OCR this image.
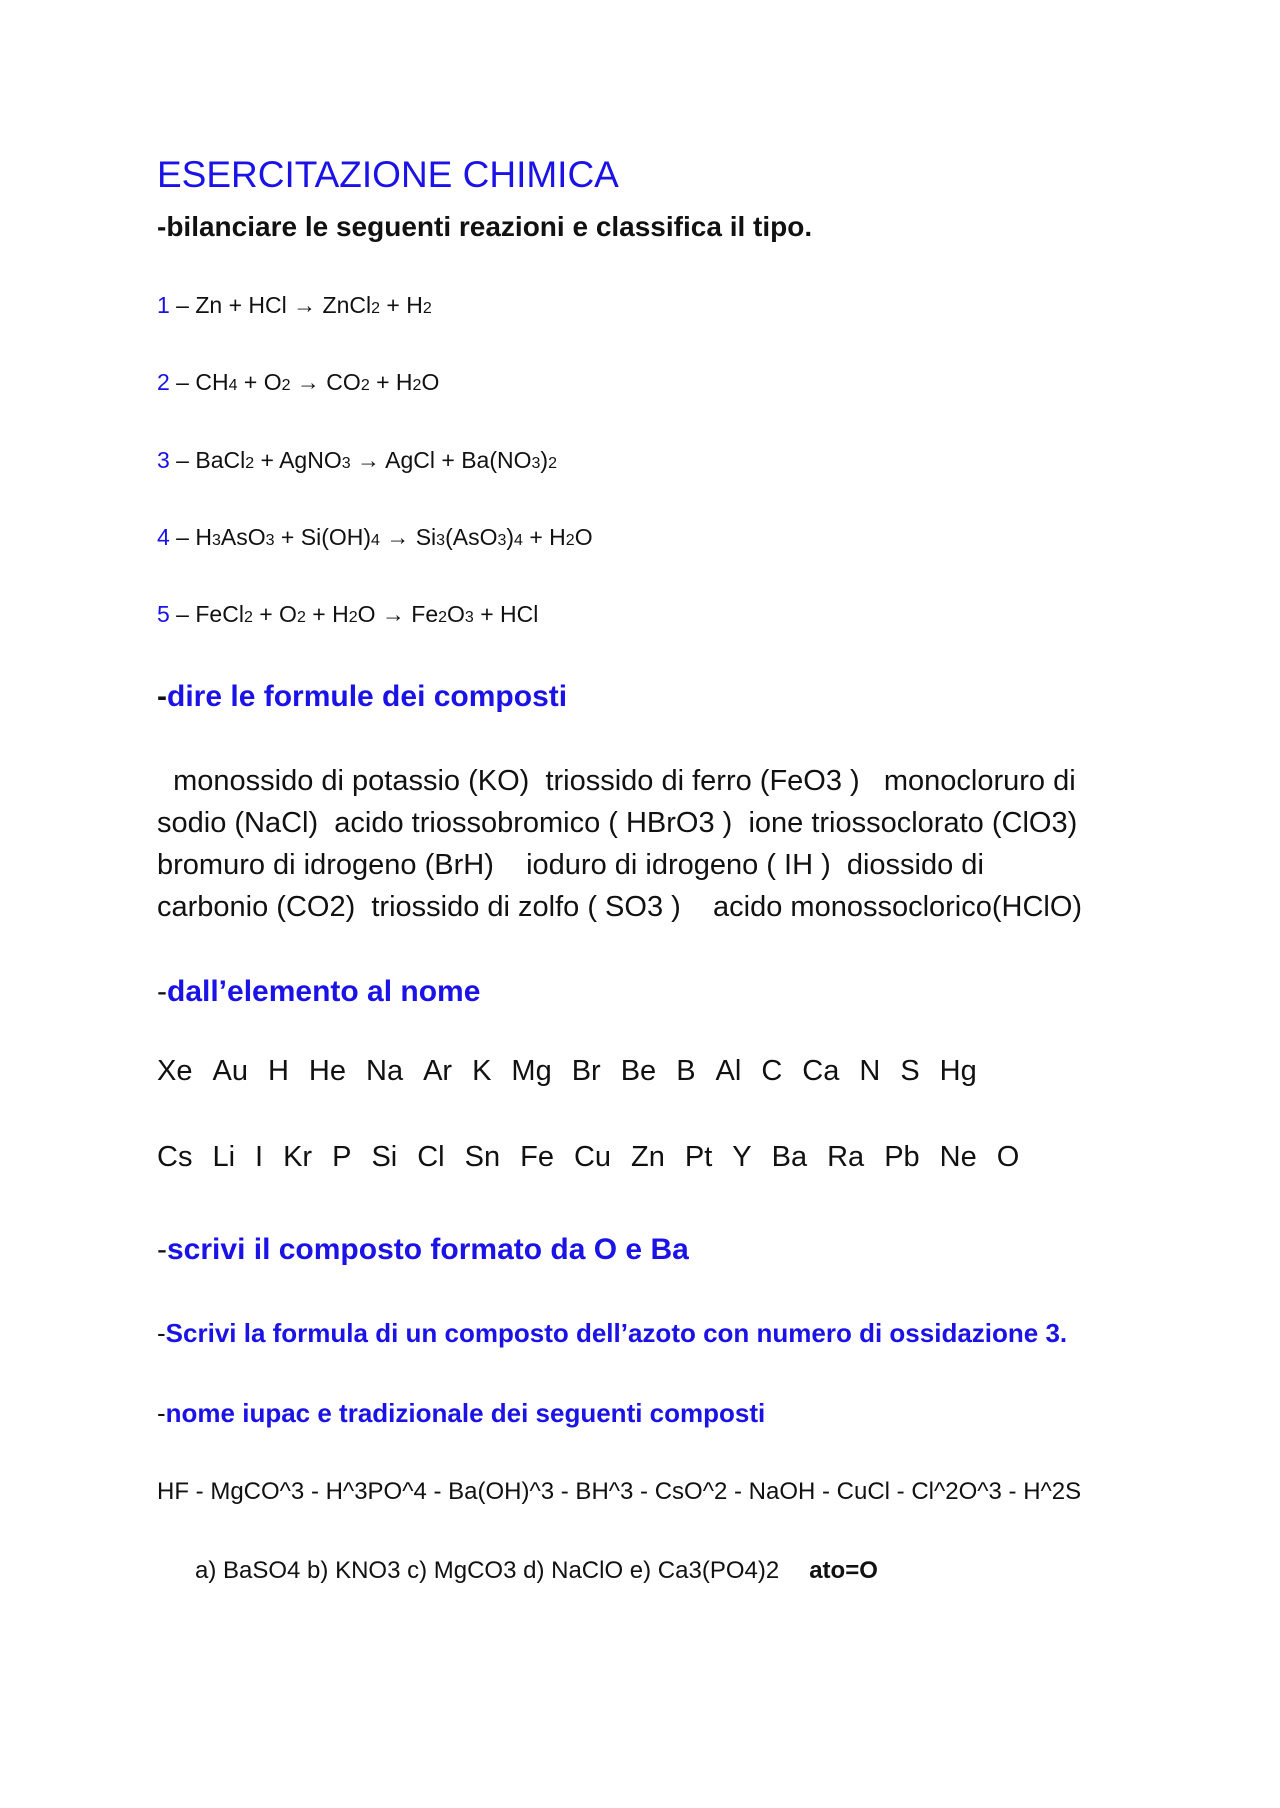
ESERCITAZIONE CHIMICA
-bilanciare le seguenti reazioni e classifica il tipo.
1 – Zn + HCl → ZnCl2 + H2
2 – CH4 + O2 → CO2 + H2O
3 – BaCl2 + AgNO3 → AgCl + Ba(NO3)2
4 – H3AsO3 + Si(OH)4 → Si3(AsO3)4 + H2O
5 – FeCl2 + O2 + H2O → Fe2O3 + HCl
-dire le formule dei composti
monossido di potassio (KO)  triossido di ferro (FeO3 )   monocloruro di
sodio (NaCl)  acido triossobromico ( HBrO3 )  ione triossoclorato (ClO3)
bromuro di idrogeno (BrH)    ioduro di idrogeno ( IH )  diossido di
carbonio (CO2)  triossido di zolfo ( SO3 )    acido monossoclorico(HClO)
-dall’elemento al nome
Xe Au H He Na Ar K Mg Br Be B Al C Ca N S Hg
Cs Li I Kr P Si Cl Sn Fe Cu Zn Pt Y Ba Ra Pb Ne O
-scrivi il composto formato da O e Ba
-Scrivi la formula di un composto dell’azoto con numero di ossidazione 3.
-nome iupac e tradizionale dei seguenti composti
HF - MgCO^3 - H^3PO^4 - Ba(OH)^3 - BH^3 - CsO^2 - NaOH - CuCl - Cl^2O^3 - H^2S
a) BaSO4 b) KNO3 c) MgCO3 d) NaClO e) Ca3(PO4)2 ato=O
